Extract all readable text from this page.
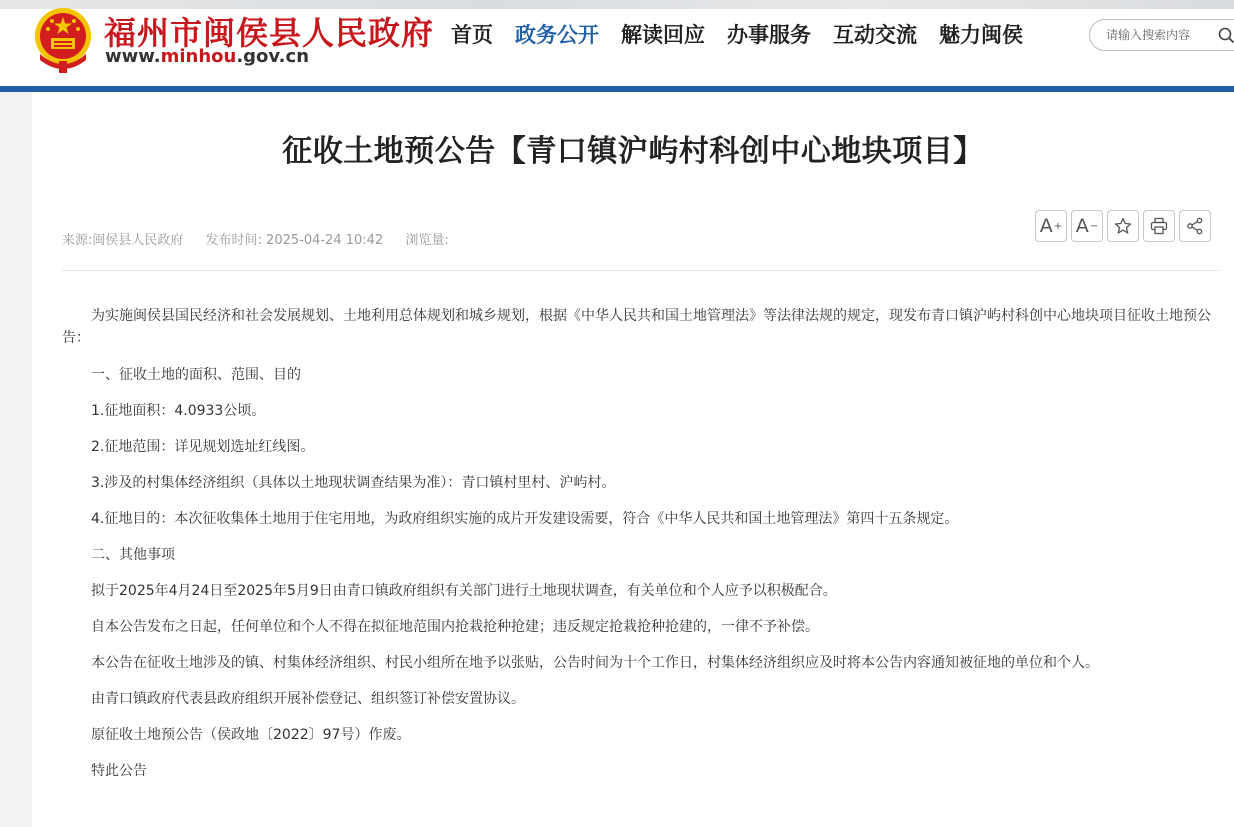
福州市闽侯县人民政府
www.minhou.gov.cn
首页	政务公开	解读回应	办事服务	互动交流	魅力闽侯
请输入搜索内容
征收土地预公告【青口镇沪屿村科创中心地块项目】
来源:闽侯县人民政府 发布时间: 2025-04-24 10:42 浏览量:
A + A −

为实施闽侯县国民经济和社会发展规划、土地利用总体规划和城乡规划，根据《中华人民共和国土地管理法》等法律法规的规定，现发布青口镇沪屿村科创中心地块项目征收土地预公告：

一、征收土地的面积、范围、目的

1.征地面积：4.0933公顷。

2.征地范围：详见规划选址红线图。

3.涉及的村集体经济组织（具体以土地现状调查结果为准）：青口镇村里村、沪屿村。

4.征地目的：本次征收集体土地用于住宅用地，为政府组织实施的成片开发建设需要，符合《中华人民共和国土地管理法》第四十五条规定。

二、其他事项

拟于2025年4月24日至2025年5月9日由青口镇政府组织有关部门进行土地现状调查，有关单位和个人应予以积极配合。

自本公告发布之日起，任何单位和个人不得在拟征地范围内抢栽抢种抢建；违反规定抢栽抢种抢建的，一律不予补偿。

本公告在征收土地涉及的镇、村集体经济组织、村民小组所在地予以张贴，公告时间为十个工作日，村集体经济组织应及时将本公告内容通知被征地的单位和个人。

由青口镇政府代表县政府组织开展补偿登记、组织签订补偿安置协议。

原征收土地预公告（侯政地〔2022〕97号）作废。

特此公告
